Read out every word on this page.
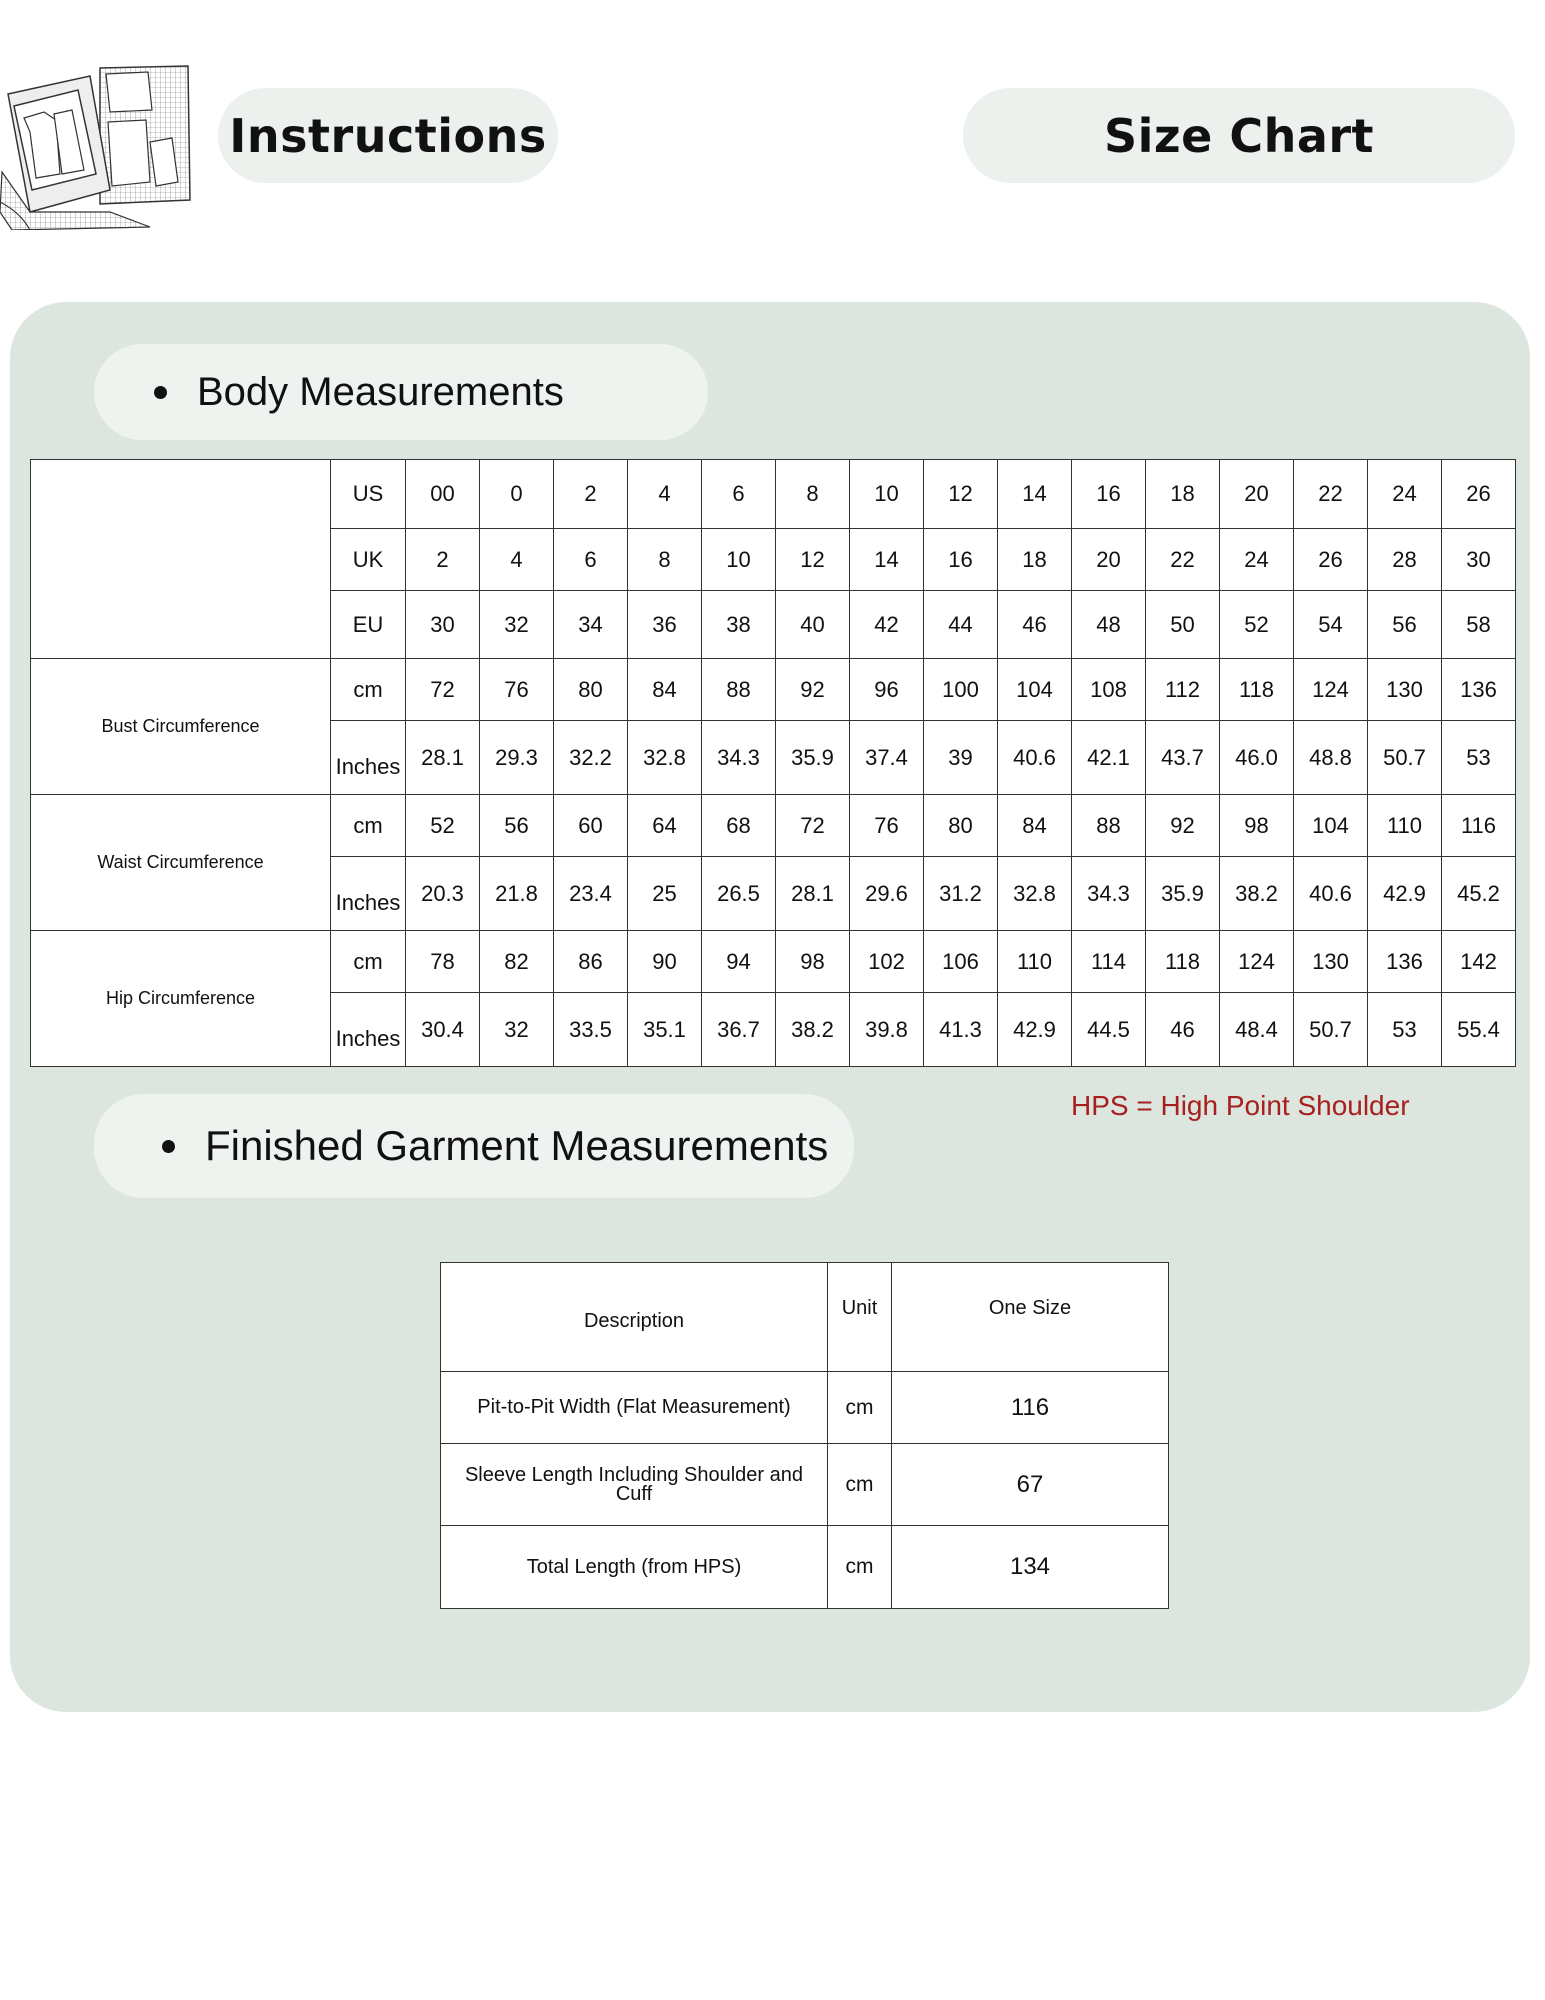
Instructions	Size Chart
Body Measurements
	US	00	0	2	4	6	8	10	12	14	16	18	20	22	24	26
	UK	2	4	6	8	10	12	14	16	18	20	22	24	26	28	30
	EU	30	32	34	36	38	40	42	44	46	48	50	52	54	56	58
Bust Circumference	cm	72	76	80	84	88	92	96	100	104	108	112	118	124	130	136
	Inches	28.1	29.3	32.2	32.8	34.3	35.9	37.4	39	40.6	42.1	43.7	46.0	48.8	50.7	53
Waist Circumference	cm	52	56	60	64	68	72	76	80	84	88	92	98	104	110	116
	Inches	20.3	21.8	23.4	25	26.5	28.1	29.6	31.2	32.8	34.3	35.9	38.2	40.6	42.9	45.2
Hip Circumference	cm	78	82	86	90	94	98	102	106	110	114	118	124	130	136	142
	Inches	30.4	32	33.5	35.1	36.7	38.2	39.8	41.3	42.9	44.5	46	48.4	50.7	53	55.4
HPS = High Point Shoulder
Finished Garment Measurements
Description	Unit	One Size
Pit-to-Pit Width (Flat Measurement)	cm	116
Sleeve Length Including Shoulder and Cuff	cm	67
Total Length (from HPS)	cm	134
